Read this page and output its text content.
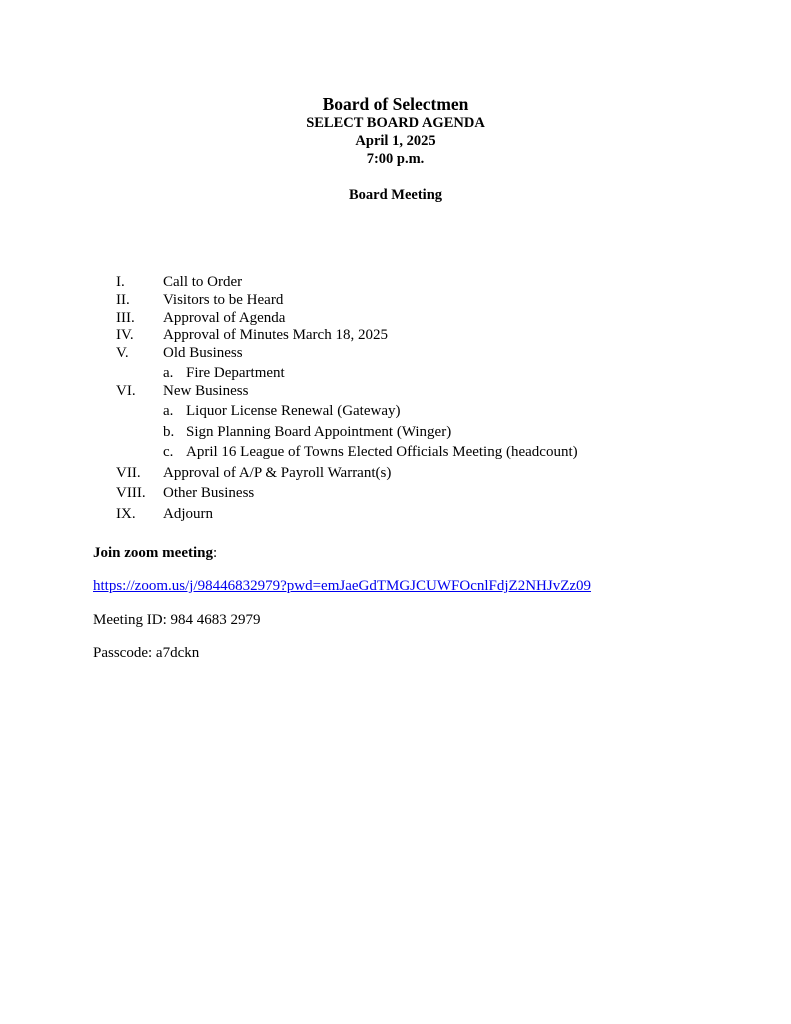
Board of Selectmen
SELECT BOARD AGENDA
April 1, 2025
7:00 p.m.
Board Meeting
I.	Call to Order
II. Visitors to be Heard
III. Approval of Agenda
IV. Approval of Minutes March 18, 2025
V. Old Business
a. Fire Department
VI. New Business
a. Liquor License Renewal (Gateway)
b. Sign Planning Board Appointment (Winger)
c. April 16 League of Towns Elected Officials Meeting (headcount)
VII. Approval of A/P & Payroll Warrant(s)
VIII. Other Business
IX. Adjourn
Join zoom meeting:
https://zoom.us/j/98446832979?pwd=emJaeGdTMGJCUWFOcnlFdjZ2NHJvZz09
Meeting ID: 984 4683 2979
Passcode: a7dckn
